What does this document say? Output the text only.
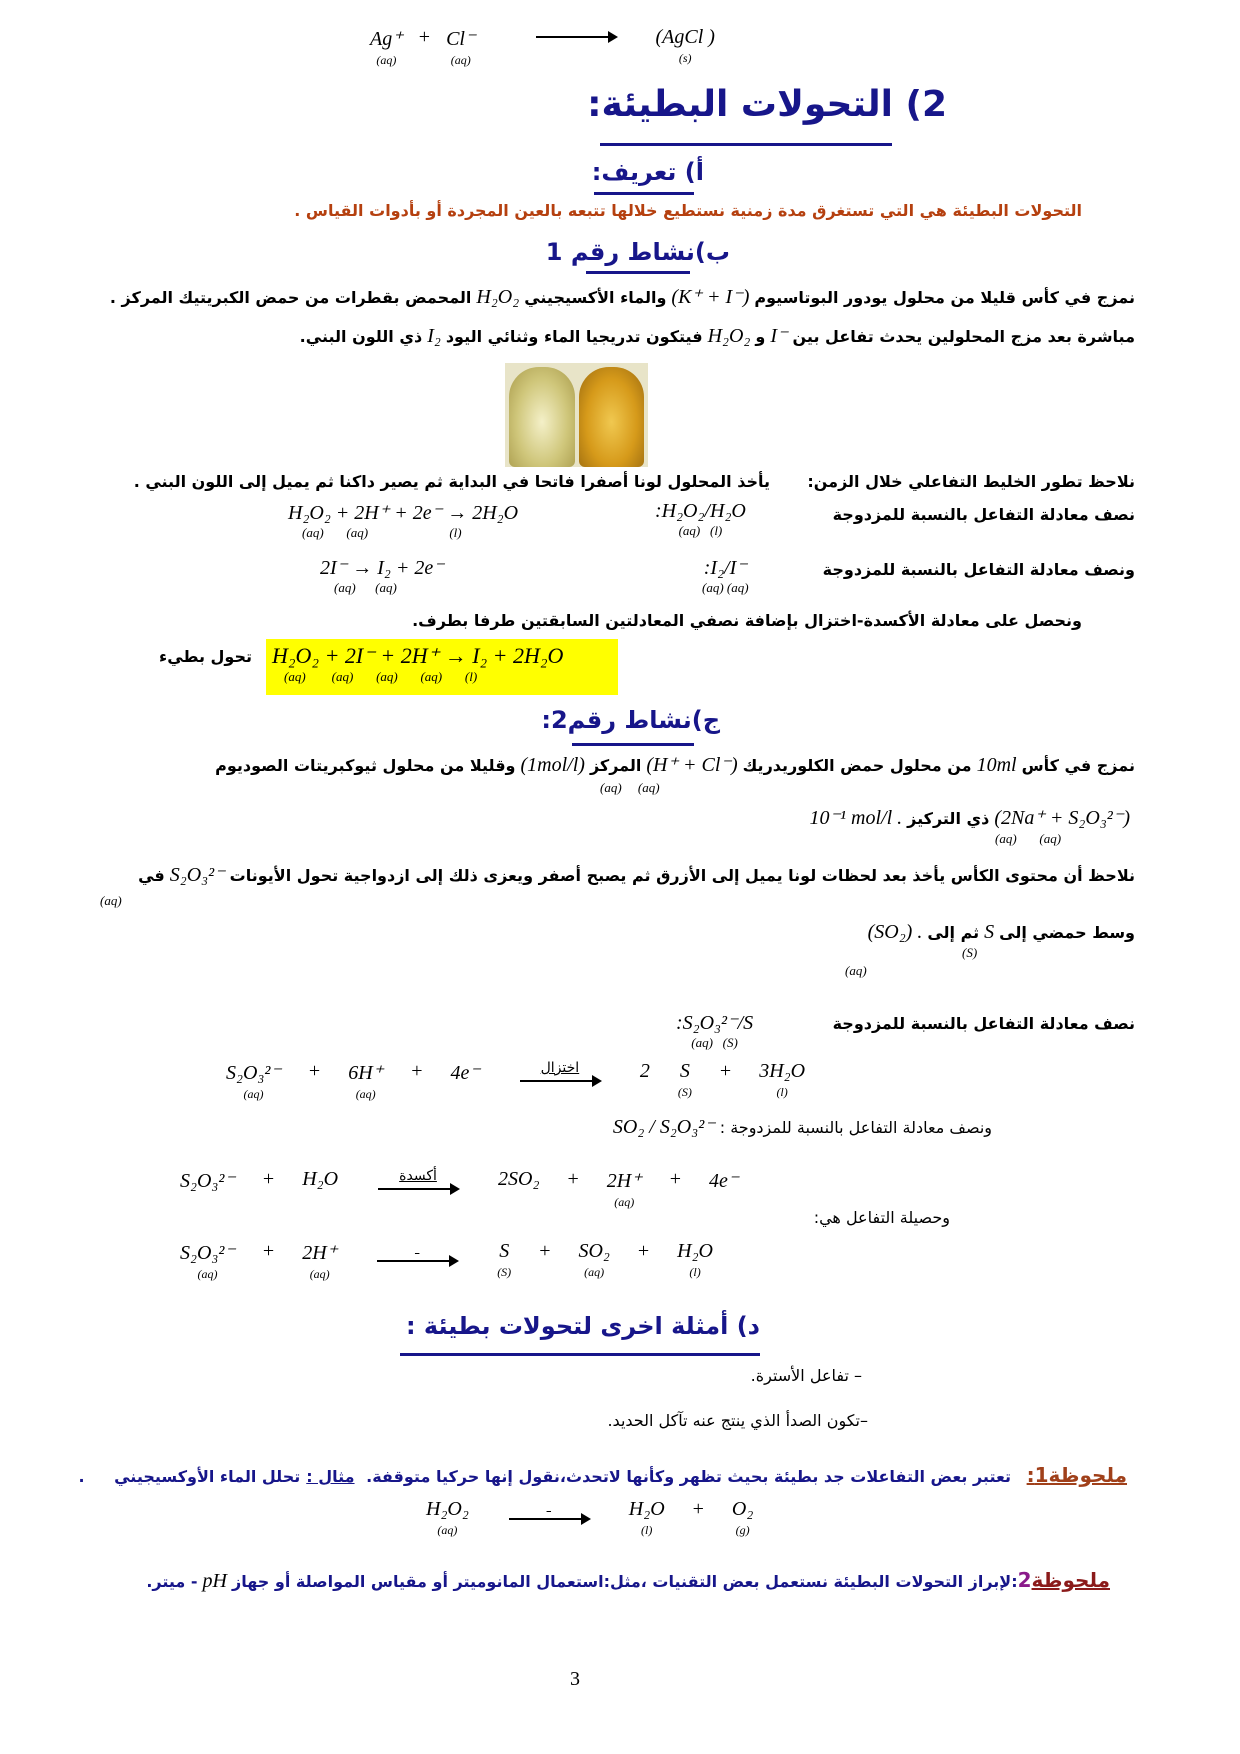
Ag⁺
(aq)
+ Cl⁻
(aq)
(AgCl )
(s)
2) التحولات البطيئة:
أ) تعريف:
التحولات البطيئة هي التي تستغرق مدة زمنية نستطيع خلالها تتبعه بالعين المجردة أو بأدوات القياس .
ب)نشاط رقم 1
نمزج في كأس قليلا من محلول يودور البوتاسيوم(K⁺ + I⁻)والماء الأكسيجينيH₂O₂المحمض بقطرات من حمض الكبريتيك المركز .
مباشرة بعد مزج المحلولين يحدث تفاعل بينI⁻وH₂O₂فيتكون تدريجيا الماء وثنائي اليودI₂ذي اللون البني.
نلاحظ تطور الخليط التفاعلي خلال الزمن:
يأخذ المحلول لونا أصفرا فاتحا في البداية ثم يصير داكنا ثم يميل إلى اللون البني .
نصف معادلة التفاعل بالنسبة للمزدوجة
:H₂O₂/H₂O
(aq)   (l)
H₂O₂ + 2H⁺ + 2e⁻ → 2H₂O
(aq)       (aq)                         (l)
ونصف معادلة التفاعل بالنسبة للمزدوجة
:I₂/I⁻
(aq) (aq)
2I⁻ → I₂ + 2e⁻
(aq)      (aq)
ونحصل على معادلة الأكسدة-اختزال بإضافة نصفي المعادلتين السابقتين طرفا بطرف.
H₂O₂ + 2I⁻ + 2H⁺ → I₂ + 2H₂O
(aq)        (aq)       (aq)       (aq)       (l)
تحول بطيء
ج)نشاط رقم2:
نمزج في كأس10mlمن محلول حمض الكلوريدريك(H⁺ + Cl⁻)المركز(1mol/l)وقليلا من محلول ثيوكبريتات الصوديوم
(aq)     (aq)
(2Na⁺ + S₂O₃²⁻)ذي التركيز10⁻¹ mol/l .
(aq)       (aq)
نلاحظ أن محتوى الكأس يأخذ بعد لحظات لونا يميل إلى الأزرق ثم يصبح أصفر ويعزى ذلك إلى ازدواجية تحول الأيوناتS₂O₃²⁻في
(aq)
وسط حمضي إلىSثم إلى(SO₂) .
(S)
(aq)
نصف معادلة التفاعل بالنسبة للمزدوجة
:S₂O₃²⁻/S
(aq)   (S)
S₂O₃²⁻
(aq)
+ 6H⁺
(aq)
+ 4e⁻	اختزال	2 S
(S)
+ 3H₂O
(l)
ونصف معادلة التفاعل بالنسبة للمزدوجة :SO₂ / S₂O₃²⁻
S₂O₃²⁻ + H₂O	أكسدة	2SO₂ + 2H⁺
(aq)
+ 4e⁻
وحصيلة التفاعل هي:
S₂O₃²⁻
(aq)
+ 2H⁺
(aq)

S
(S)
+ SO₂
(aq)
+ H₂O
(l)
د) أمثلة اخرى لتحولات بطيئة :
– تفاعل الأسترة.
–تكون الصدأ الذي ينتج عنه تآكل الحديد.
ملحوظة1: تعتبر بعض التفاعلات جد بطيئة بحيث تظهر وكأنها لاتحدث،نقول إنها حركيا متوقفة. مثال :تحلل الماء الأوكسيجيني .
H₂O₂
(aq)

H₂O
(l)
+ O₂
(g)
ملحوظة2:لإبراز التحولات البطيئة نستعمل بعض التقنيات ،مثل:استعمال المانوميتر أو مقياس المواصلة أو جهازpH- ميتر.
3
